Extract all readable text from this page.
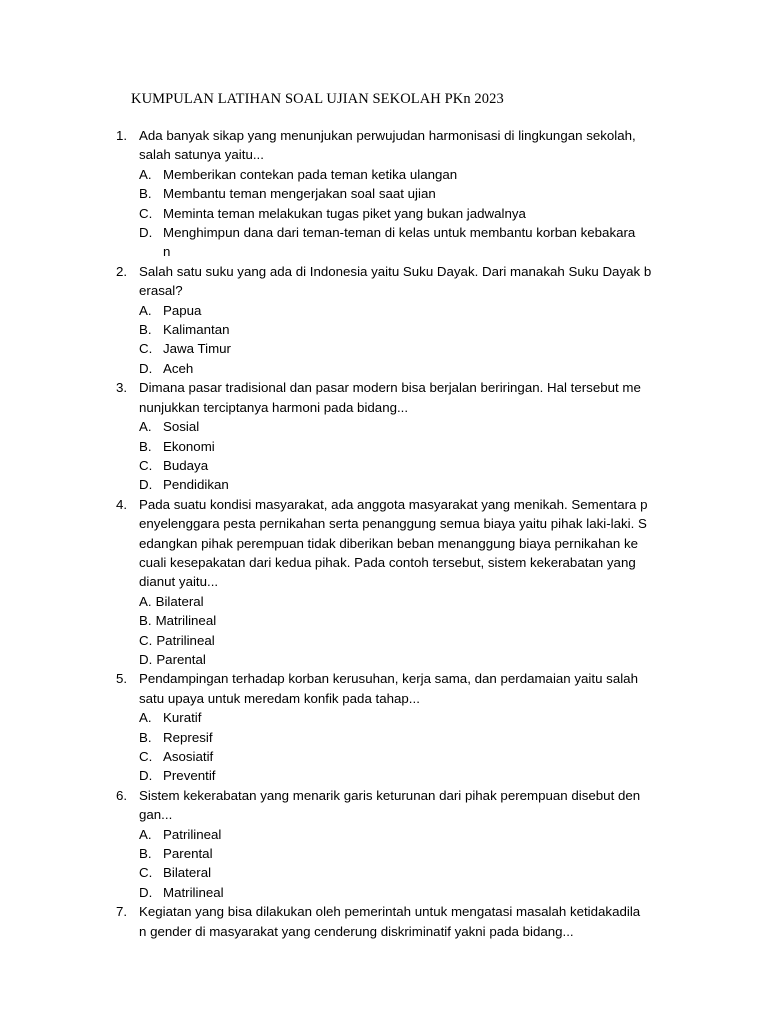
KUMPULAN LATIHAN SOAL UJIAN SEKOLAH PKn 2023
1. Ada banyak sikap yang menunjukan perwujudan harmonisasi di lingkungan sekolah,
salah satunya yaitu...
A. Memberikan contekan pada teman ketika ulangan
B. Membantu teman mengerjakan soal saat ujian
C. Meminta teman melakukan tugas piket yang bukan jadwalnya
D. Menghimpun dana dari teman-teman di kelas untuk membantu korban kebakara
n
2. Salah satu suku yang ada di Indonesia yaitu Suku Dayak. Dari manakah Suku Dayak b
erasal?
A. Papua
B. Kalimantan
C. Jawa Timur
D. Aceh
3. Dimana pasar tradisional dan pasar modern bisa berjalan beriringan. Hal tersebut me
nunjukkan terciptanya harmoni pada bidang...
A. Sosial
B. Ekonomi
C. Budaya
D. Pendidikan
4. Pada suatu kondisi masyarakat, ada anggota masyarakat yang menikah. Sementara p
enyelenggara pesta pernikahan serta penanggung semua biaya yaitu pihak laki-laki. S
edangkan pihak perempuan tidak diberikan beban menanggung biaya pernikahan ke
cuali kesepakatan dari kedua pihak. Pada contoh tersebut, sistem kekerabatan yang
dianut yaitu...
A. Bilateral
B. Matrilineal
C. Patrilineal
D. Parental
5. Pendampingan terhadap korban kerusuhan, kerja sama, dan perdamaian yaitu salah
satu upaya untuk meredam konfik pada tahap...
A. Kuratif
B. Represif
C. Asosiatif
D. Preventif
6. Sistem kekerabatan yang menarik garis keturunan dari pihak perempuan disebut den
gan...
A. Patrilineal
B. Parental
C. Bilateral
D. Matrilineal
7. Kegiatan yang bisa dilakukan oleh pemerintah untuk mengatasi masalah ketidakadila
n gender di masyarakat yang cenderung diskriminatif yakni pada bidang...
